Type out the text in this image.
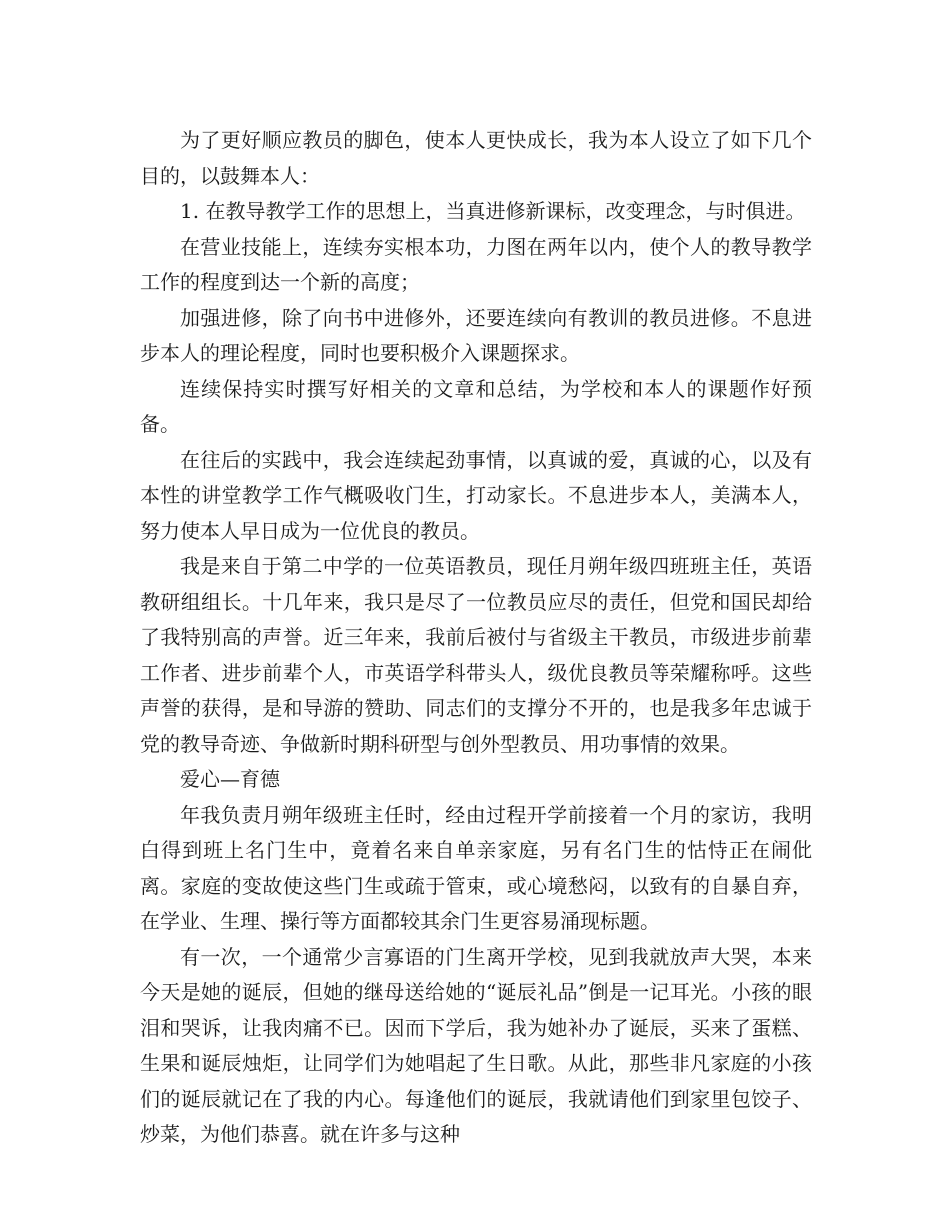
为了更好顺应教员的脚色，使本人更快成长，我为本人设立了如下几个目的，以鼓舞本人：

1. 在教导教学工作的思想上，当真进修新课标，改变理念，与时俱进。

在营业技能上，连续夯实根本功，力图在两年以内，使个人的教导教学工作的程度到达一个新的高度；

加强进修，除了向书中进修外，还要连续向有教训的教员进修。不息进步本人的理论程度，同时也要积极介入课题探求。

连续保持实时撰写好相关的文章和总结，为学校和本人的课题作好预备。

在往后的实践中，我会连续起劲事情，以真诚的爱，真诚的心，以及有本性的讲堂教学工作气概吸收门生，打动家长。不息进步本人，美满本人，努力使本人早日成为一位优良的教员。

我是来自于第二中学的一位英语教员，现任月朔年级四班班主任，英语教研组组长。十几年来，我只是尽了一位教员应尽的责任，但党和国民却给了我特别高的声誉。近三年来，我前后被付与省级主干教员，市级进步前辈工作者、进步前辈个人，市英语学科带头人，级优良教员等荣耀称呼。这些声誉的获得，是和导游的赞助、同志们的支撑分不开的，也是我多年忠诚于党的教导奇迹、争做新时期科研型与创外型教员、用功事情的效果。

爱心—育德

年我负责月朔年级班主任时，经由过程开学前接着一个月的家访，我明白得到班上名门生中，竟着名来自单亲家庭，另有名门生的怙恃正在闹仳离。家庭的变故使这些门生或疏于管束，或心境愁闷，以致有的自暴自弃，在学业、生理、操行等方面都较其余门生更容易涌现标题。

有一次，一个通常少言寡语的门生离开学校，见到我就放声大哭，本来今天是她的诞辰，但她的继母送给她的“诞辰礼品”倒是一记耳光。小孩的眼泪和哭诉，让我肉痛不已。因而下学后，我为她补办了诞辰，买来了蛋糕、生果和诞辰烛炬，让同学们为她唱起了生日歌。从此，那些非凡家庭的小孩们的诞辰就记在了我的内心。每逢他们的诞辰，我就请他们到家里包饺子、炒菜，为他们恭喜。就在许多与这种
